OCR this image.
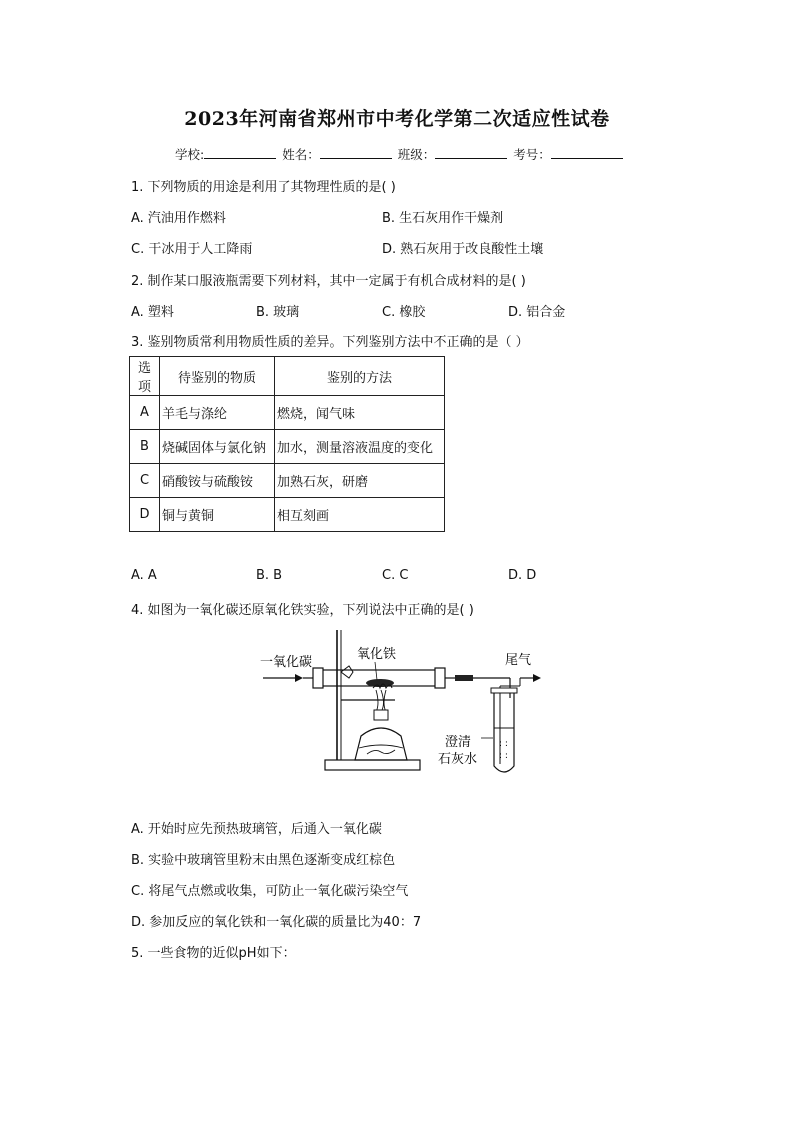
2023年河南省郑州市中考化学第二次适应性试卷
学校:	姓名：	班级：	考号：
1. 下列物质的用途是利用了其物理性质的是( )
A. 汽油用作燃料	B. 生石灰用作干燥剂
C. 干冰用于人工降雨	D. 熟石灰用于改良酸性土壤
2. 制作某口服液瓶需要下列材料，其中一定属于有机合成材料的是( )
A. 塑料	B. 玻璃	C. 橡胶	D. 铝合金
3. 鉴别物质常利用物质性质的差异。下列鉴别方法中不正确的是（ ）
选项	待鉴别的物质	鉴别的方法
A	羊毛与涤纶	燃烧，闻气味
B	烧碱固体与氯化钠	加水，测量溶液温度的变化
C	硝酸铵与硫酸铵	加熟石灰，研磨
D	铜与黄铜	相互刻画
A. A	B. B	C. C	D. D
4. 如图为一氧化碳还原氧化铁实验，下列说法中正确的是( )
一氧化碳
氧化铁	尾气
澄清
石灰水
: :
: :
A. 开始时应先预热玻璃管，后通入一氧化碳
B. 实验中玻璃管里粉末由黑色逐渐变成红棕色
C. 将尾气点燃或收集，可防止一氧化碳污染空气
D. 参加反应的氧化铁和一氧化碳的质量比为40：7
5. 一些食物的近似pH如下：
